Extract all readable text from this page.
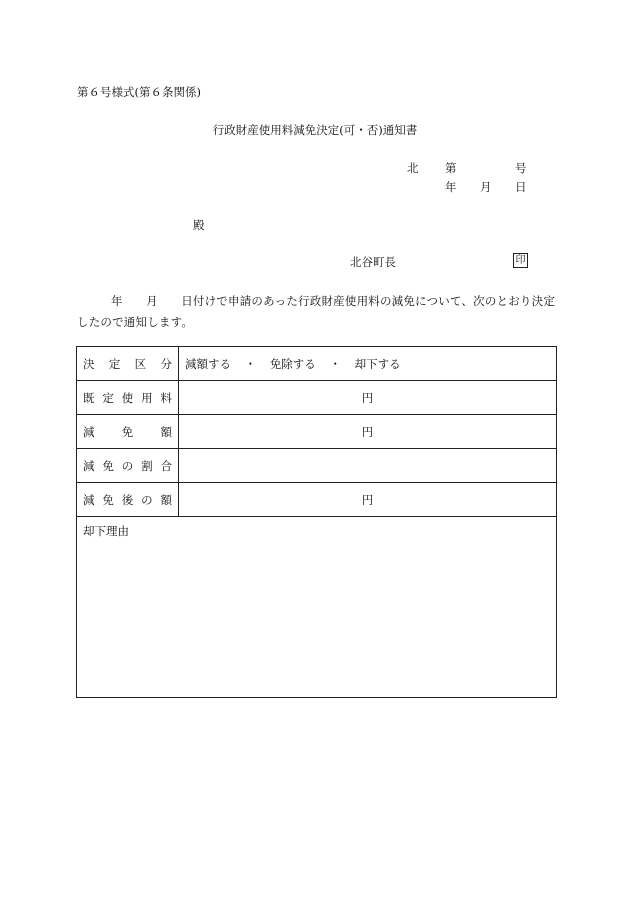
第６号様式(第６条関係)
行政財産使用料減免決定(可・否)通知書
北 第	号
年 月 日
殿
北谷町長	印
年　　月　　日付けで申請のあった行政財産使用料の減免について、次のとおり決定したので通知します。
決 定 区 分	減額する ・ 免除する ・ 却下する

既 定 使 用 料	円

減 免 額	円

減 免 の 割 合	

減 免 後 の 額	円
却下理由	
